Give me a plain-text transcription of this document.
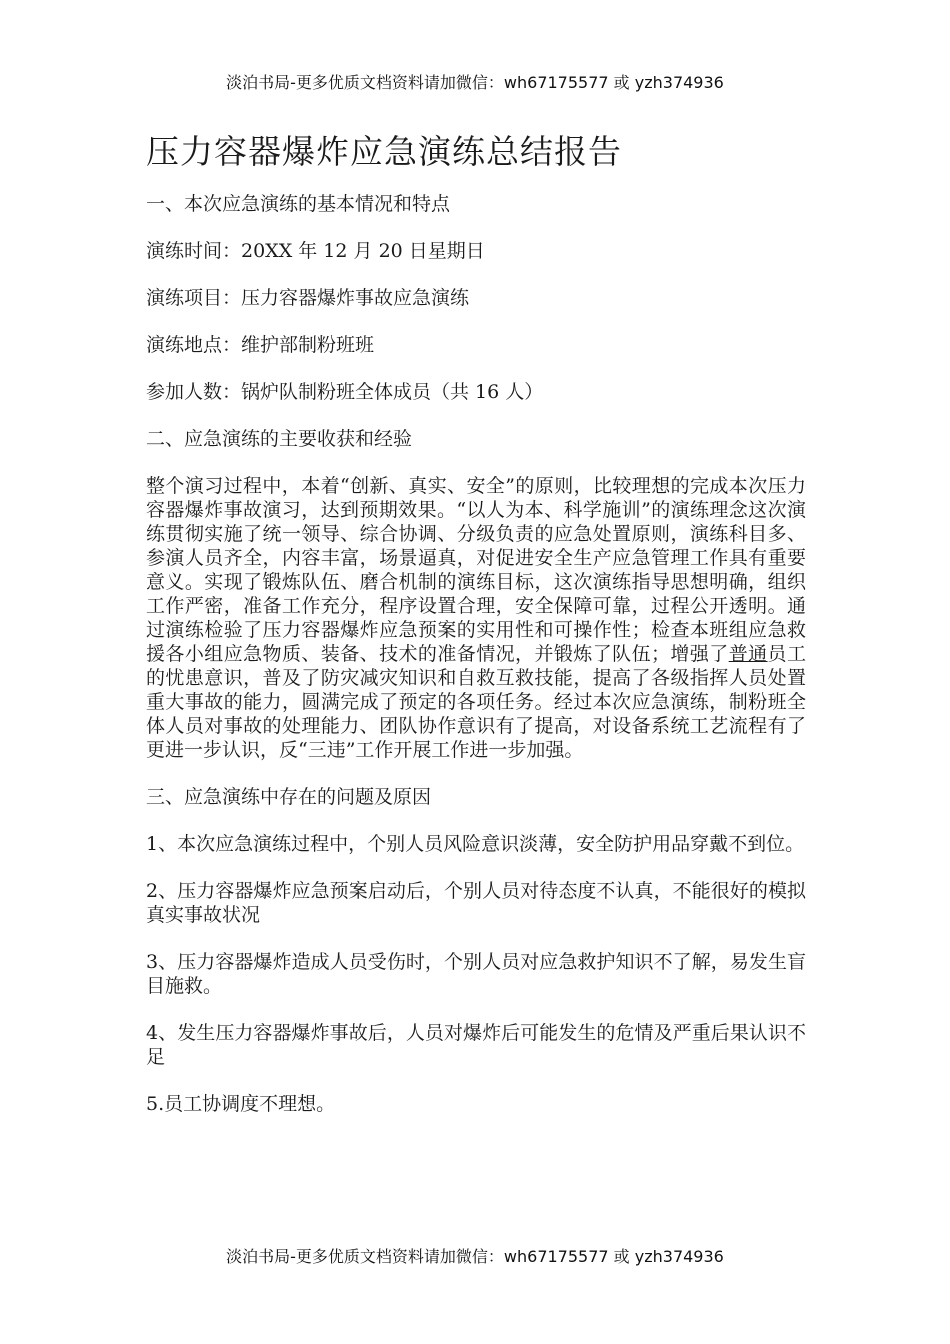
淡泊书局-更多优质文档资料请加微信：wh67175577 或 yzh374936
压力容器爆炸应急演练总结报告

一、本次应急演练的基本情况和特点

演练时间：20XX 年 12 月 20 日星期日

演练项目：压力容器爆炸事故应急演练

演练地点：维护部制粉班班

参加人数：锅炉队制粉班全体成员（共 16 人）

二、应急演练的主要收获和经验

整个演习过程中，本着“创新、真实、安全”的原则，比较理想的完成本次压力容器爆炸事故演习，达到预期效果。“以人为本、科学施训”的演练理念这次演练贯彻实施了统一领导、综合协调、分级负责的应急处置原则，演练科目多、参演人员齐全，内容丰富，场景逼真，对促进安全生产应急管理工作具有重要意义。实现了锻炼队伍、磨合机制的演练目标，这次演练指导思想明确，组织工作严密，准备工作充分，程序设置合理，安全保障可靠，过程公开透明。通过演练检验了压力容器爆炸应急预案的实用性和可操作性；检查本班组应急救援各小组应急物质、装备、技术的准备情况，并锻炼了队伍；增强了普通员工的忧患意识，普及了防灾减灾知识和自救互救技能，提高了各级指挥人员处置重大事故的能力，圆满完成了预定的各项任务。经过本次应急演练，制粉班全体人员对事故的处理能力、团队协作意识有了提高，对设备系统工艺流程有了更进一步认识，反“三违”工作开展工作进一步加强。

三、应急演练中存在的问题及原因

1、本次应急演练过程中，个别人员风险意识淡薄，安全防护用品穿戴不到位。

2、压力容器爆炸应急预案启动后，个别人员对待态度不认真，不能很好的模拟真实事故状况

3、压力容器爆炸造成人员受伤时，个别人员对应急救护知识不了解，易发生盲目施救。

4、发生压力容器爆炸事故后，人员对爆炸后可能发生的危情及严重后果认识不足

5.员工协调度不理想。

淡泊书局-更多优质文档资料请加微信：wh67175577 或 yzh374936
